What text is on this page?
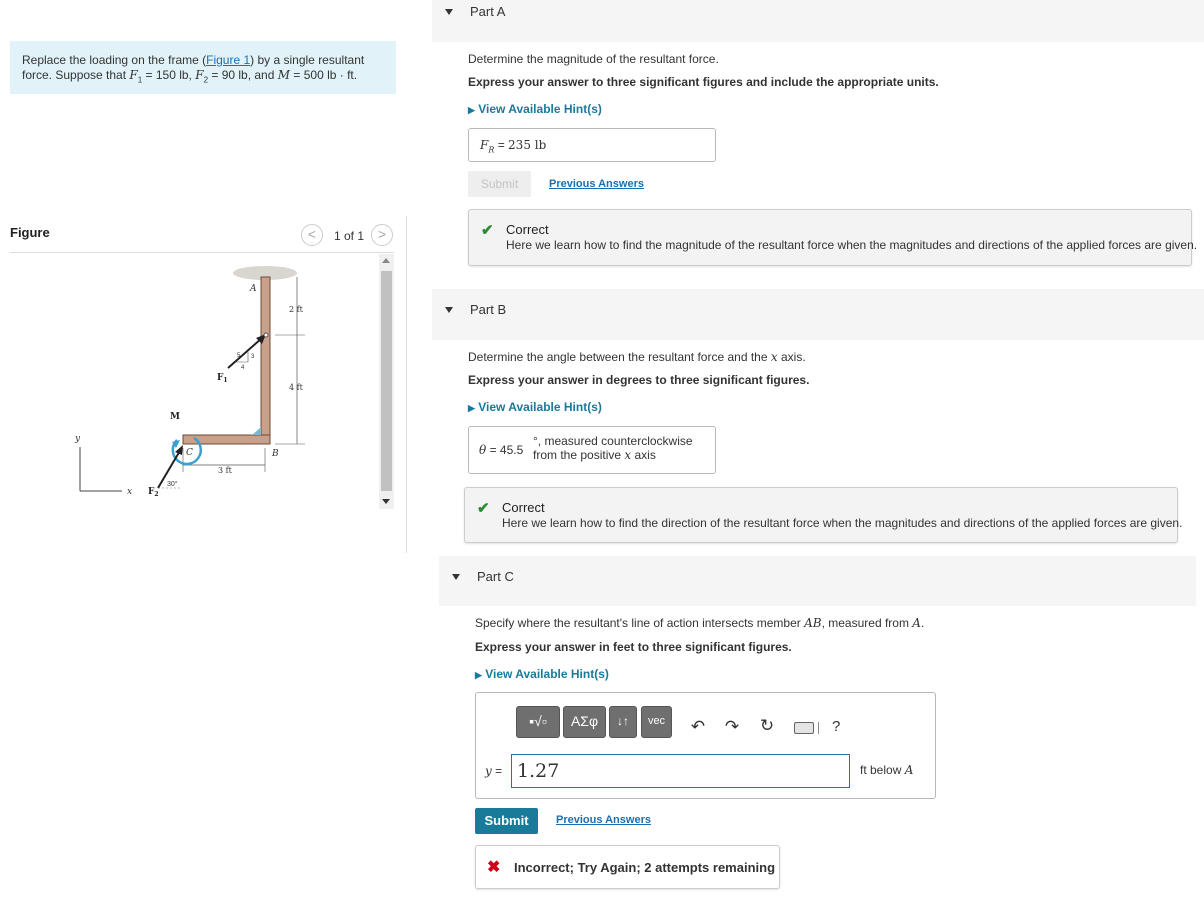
Replace the loading on the frame (Figure 1) by a single resultant
force. Suppose that $F_1 = 150$ lb, $F_2 = 90$ lb, and M = 500 lb · ft.
Figure	<	1 of 1 >
2 ft
4 ft
3 ft
A
B
C
5
4
3
$F_1$
M
30°
$F_2$
y
x
Part A
Determine the magnitude of the resultant force.
Express your answer to three significant figures and include the appropriate units.
▶ View Available Hint(s)
$F_R = 235$ lb
Submit	Previous Answers
✔ Correct
Here we learn how to find the magnitude of the resultant force when the magnitudes and directions of the applied forces are given.
Part B
Determine the angle between the resultant force and the x axis.
Express your answer in degrees to three significant figures.
▶ View Available Hint(s)
θ = 45.5
°, measured counterclockwise
from the positive x axis
✔ Correct
Here we learn how to find the direction of the resultant force when the magnitudes and directions of the applied forces are given.
Part C
Specify where the resultant's line of action intersects member AB, measured from A.
Express your answer in feet to three significant figures.
▶ View Available Hint(s)
▪√▫	ΑΣφ	↓↑	vec	↶ ↷ ↻	?
y = 1.27	ft below A
Submit	Previous Answers
✖ Incorrect; Try Again; 2 attempts remaining
